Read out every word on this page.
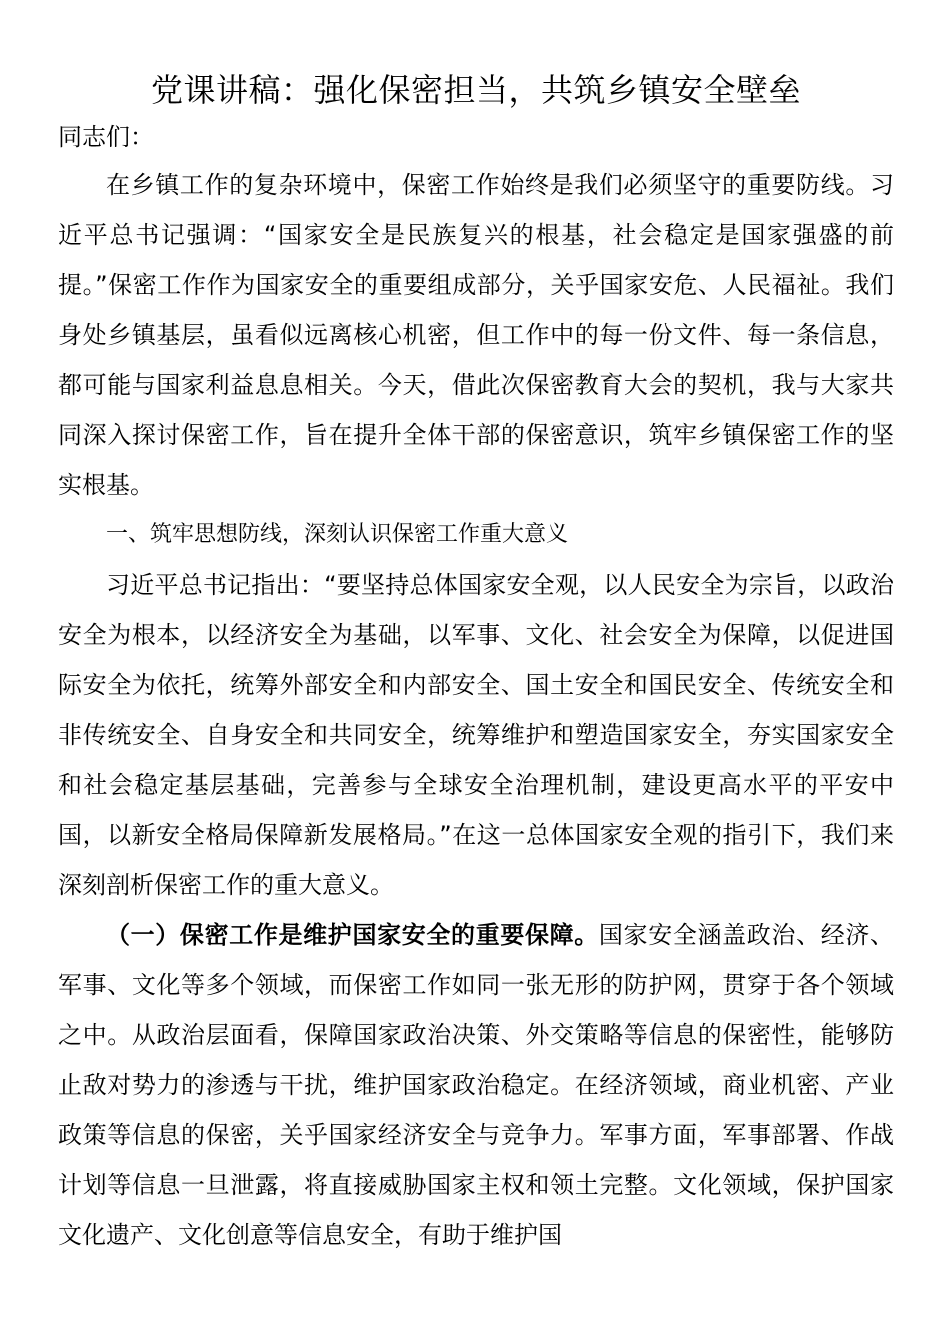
党课讲稿：强化保密担当，共筑乡镇安全壁垒

同志们：

在乡镇工作的复杂环境中，保密工作始终是我们必须坚守的重要防线。习近平总书记强调：“国家安全是民族复兴的根基，社会稳定是国家强盛的前提。”保密工作作为国家安全的重要组成部分，关乎国家安危、人民福祉。我们身处乡镇基层，虽看似远离核心机密，但工作中的每一份文件、每一条信息，都可能与国家利益息息相关。今天，借此次保密教育大会的契机，我与大家共同深入探讨保密工作，旨在提升全体干部的保密意识，筑牢乡镇保密工作的坚实根基。

一、筑牢思想防线，深刻认识保密工作重大意义

习近平总书记指出：“要坚持总体国家安全观，以人民安全为宗旨，以政治安全为根本，以经济安全为基础，以军事、文化、社会安全为保障，以促进国际安全为依托，统筹外部安全和内部安全、国土安全和国民安全、传统安全和非传统安全、自身安全和共同安全，统筹维护和塑造国家安全，夯实国家安全和社会稳定基层基础，完善参与全球安全治理机制，建设更高水平的平安中国，以新安全格局保障新发展格局。”在这一总体国家安全观的指引下，我们来深刻剖析保密工作的重大意义。

（一）保密工作是维护国家安全的重要保障。国家安全涵盖政治、经济、军事、文化等多个领域，而保密工作如同一张无形的防护网，贯穿于各个领域之中。从政治层面看，保障国家政治决策、外交策略等信息的保密性，能够防止敌对势力的渗透与干扰，维护国家政治稳定。在经济领域，商业机密、产业政策等信息的保密，关乎国家经济安全与竞争力。军事方面，军事部署、作战计划等信息一旦泄露，将直接威胁国家主权和领土完整。文化领域，保护国家文化遗产、文化创意等信息安全，有助于维护国
